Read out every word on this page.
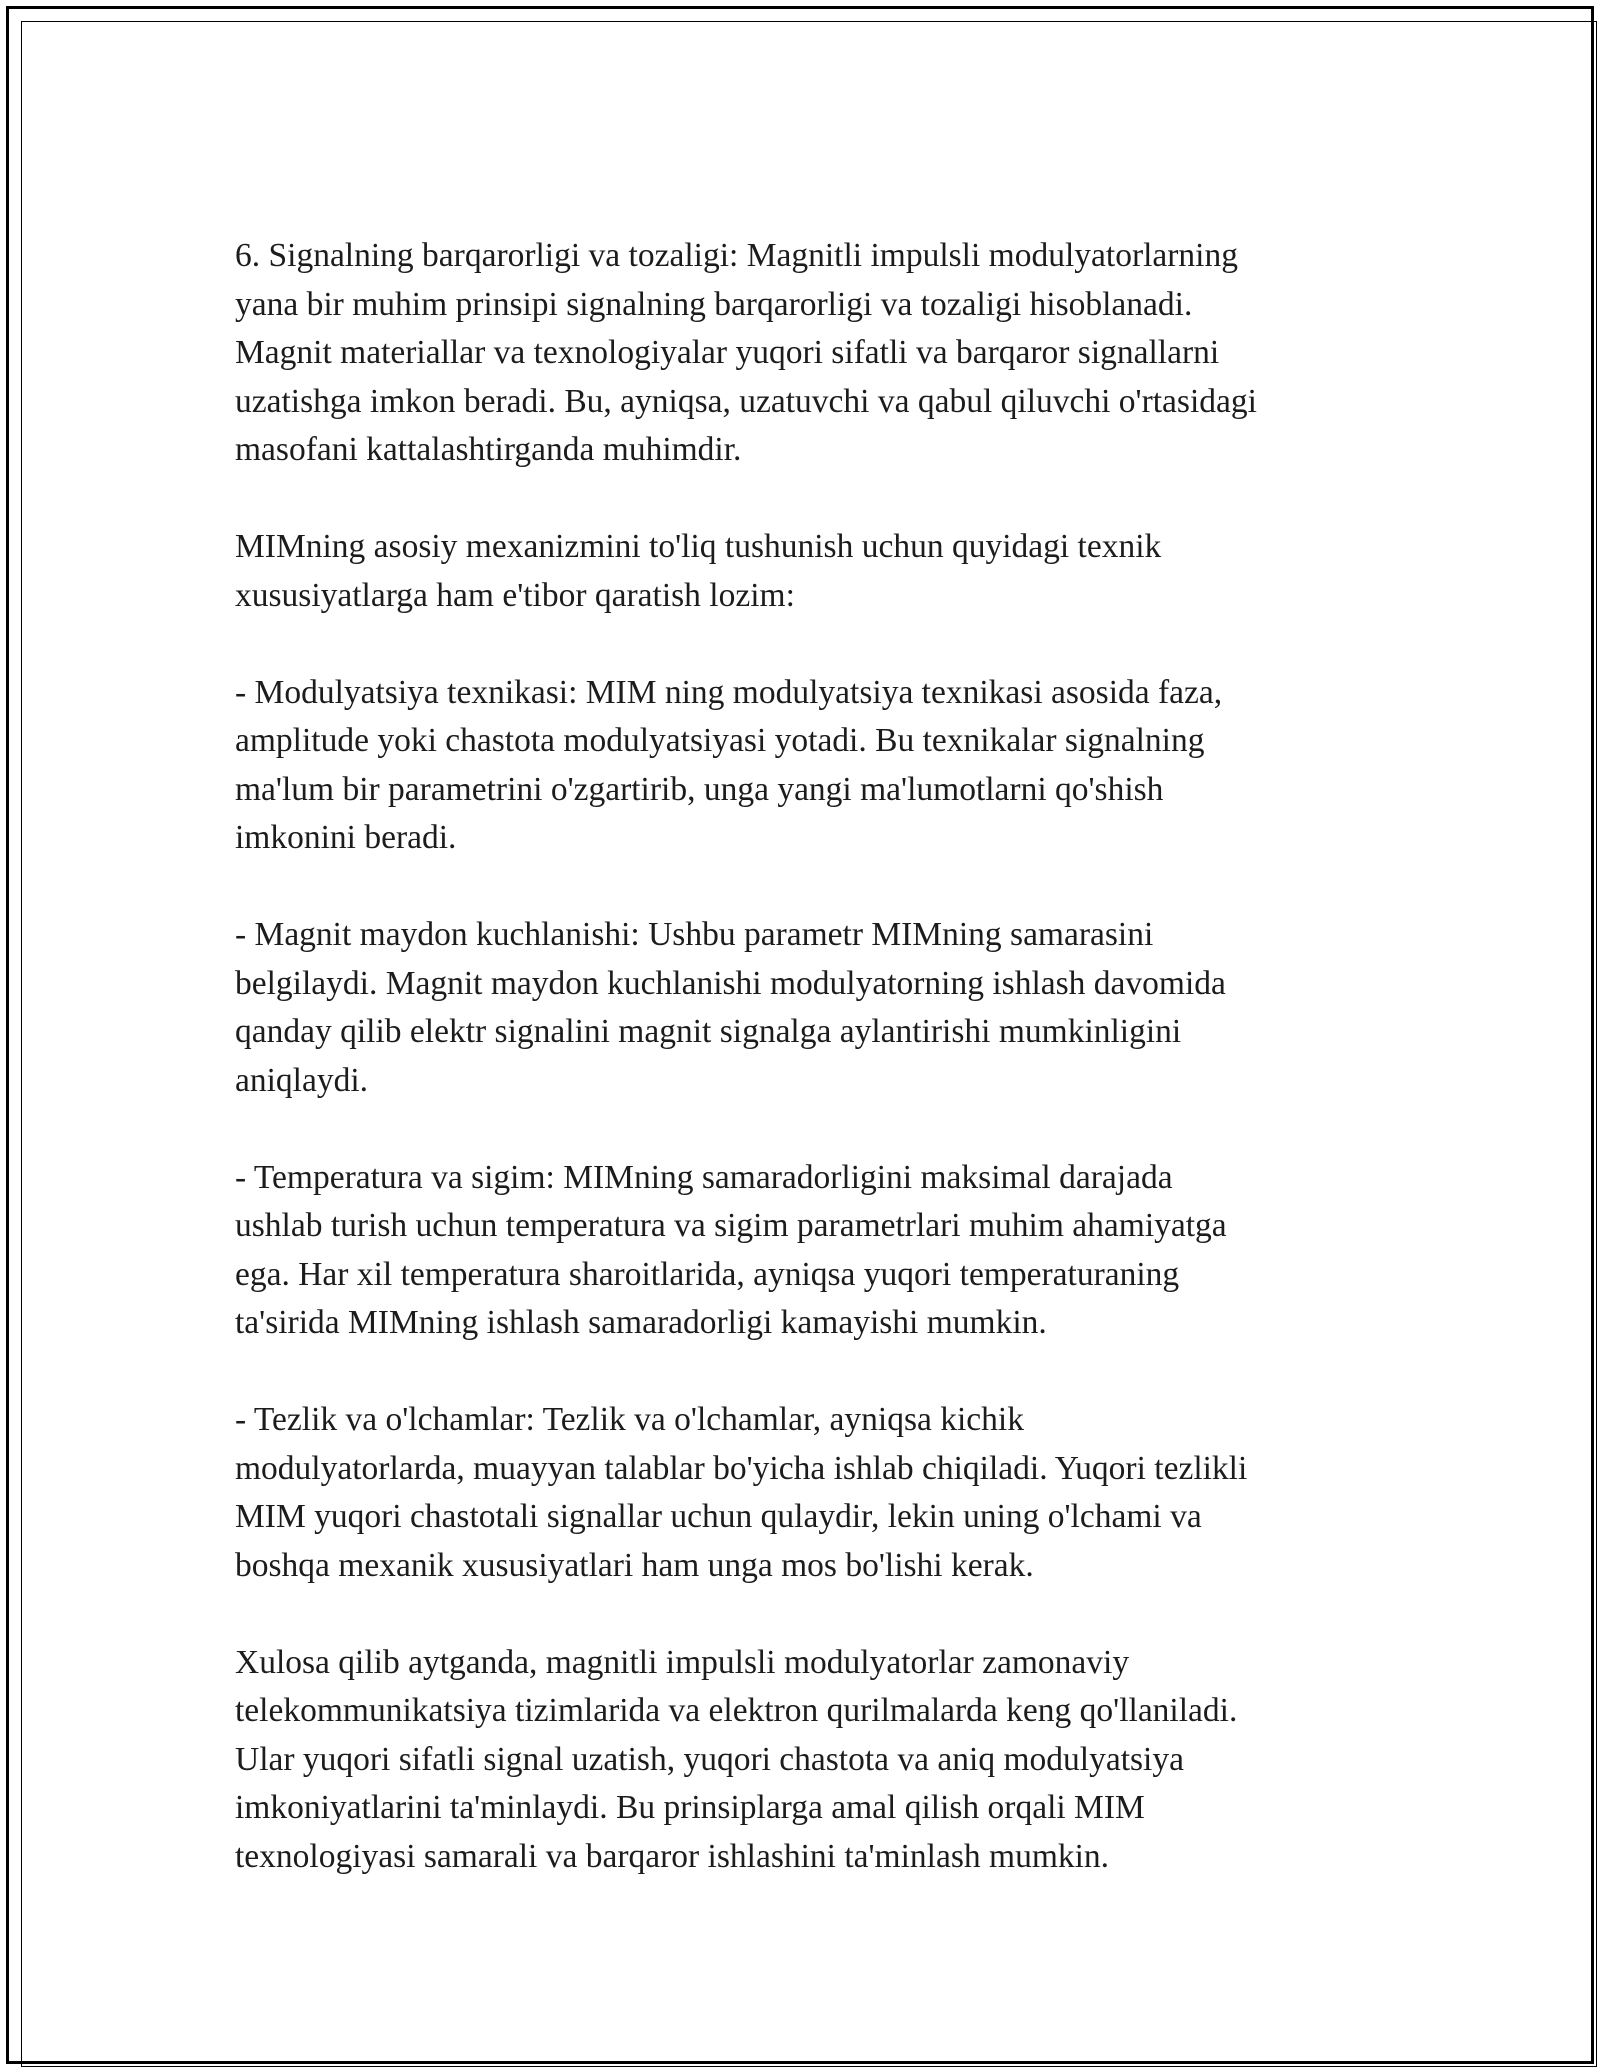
6. Signalning barqarorligi va tozaligi: Magnitli impulsli modulyatorlarning
yana bir muhim prinsipi signalning barqarorligi va tozaligi hisoblanadi.
Magnit materiallar va texnologiyalar yuqori sifatli va barqaror signallarni
uzatishga imkon beradi. Bu, ayniqsa, uzatuvchi va qabul qiluvchi o'rtasidagi
masofani kattalashtirganda muhimdir.

MIMning asosiy mexanizmini to'liq tushunish uchun quyidagi texnik
xususiyatlarga ham e'tibor qaratish lozim:

- Modulyatsiya texnikasi: MIM ning modulyatsiya texnikasi asosida faza,
amplitude yoki chastota modulyatsiyasi yotadi. Bu texnikalar signalning
ma'lum bir parametrini o'zgartirib, unga yangi ma'lumotlarni qo'shish
imkonini beradi.

- Magnit maydon kuchlanishi: Ushbu parametr MIMning samarasini
belgilaydi. Magnit maydon kuchlanishi modulyatorning ishlash davomida
qanday qilib elektr signalini magnit signalga aylantirishi mumkinligini
aniqlaydi.

- Temperatura va sigim: MIMning samaradorligini maksimal darajada
ushlab turish uchun temperatura va sigim parametrlari muhim ahamiyatga
ega. Har xil temperatura sharoitlarida, ayniqsa yuqori temperaturaning
ta'sirida MIMning ishlash samaradorligi kamayishi mumkin.

- Tezlik va o'lchamlar: Tezlik va o'lchamlar, ayniqsa kichik
modulyatorlarda, muayyan talablar bo'yicha ishlab chiqiladi. Yuqori tezlikli
MIM yuqori chastotali signallar uchun qulaydir, lekin uning o'lchami va
boshqa mexanik xususiyatlari ham unga mos bo'lishi kerak.

Xulosa qilib aytganda, magnitli impulsli modulyatorlar zamonaviy
telekommunikatsiya tizimlarida va elektron qurilmalarda keng qo'llaniladi.
Ular yuqori sifatli signal uzatish, yuqori chastota va aniq modulyatsiya
imkoniyatlarini ta'minlaydi. Bu prinsiplarga amal qilish orqali MIM
texnologiyasi samarali va barqaror ishlashini ta'minlash mumkin.
